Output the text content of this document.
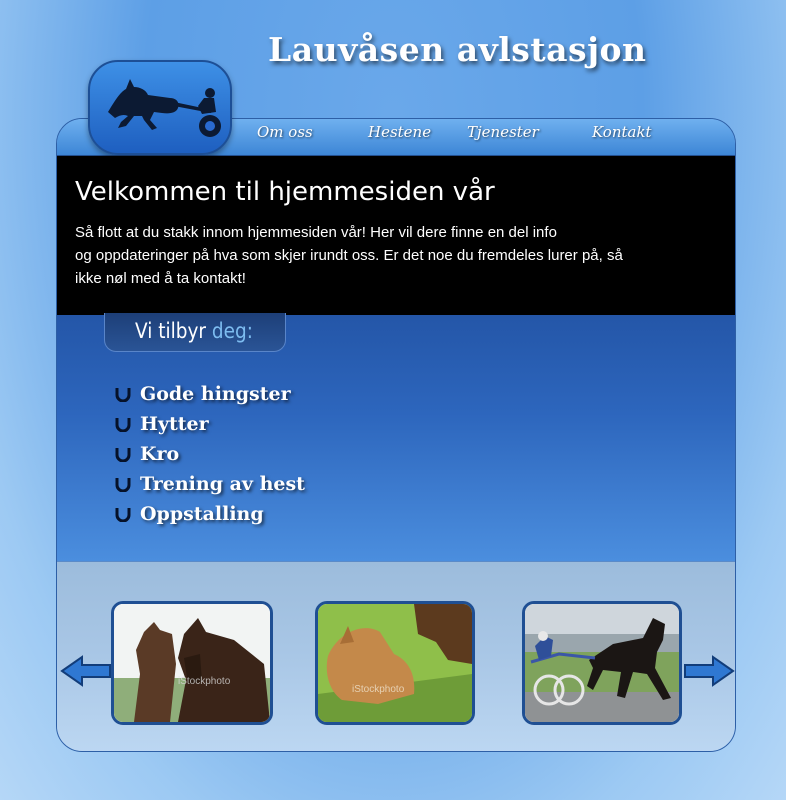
Lauvåsen avlstasjon
Om oss	Hestene Tjenester	Kontakt
Velkommen til hjemmesiden vår
Så flott at du stakk innom hjemmesiden vår! Her vil dere finne en del info
og oppdateringer på hva som skjer irundt oss. Er det noe du fremdeles lurer på, så
ikke nøl med å ta kontakt!
Vi tilbyr deg:
Gode hingster
Hytter
Kro
Trening av hest
Oppstalling
iStockphoto
iStockphoto
